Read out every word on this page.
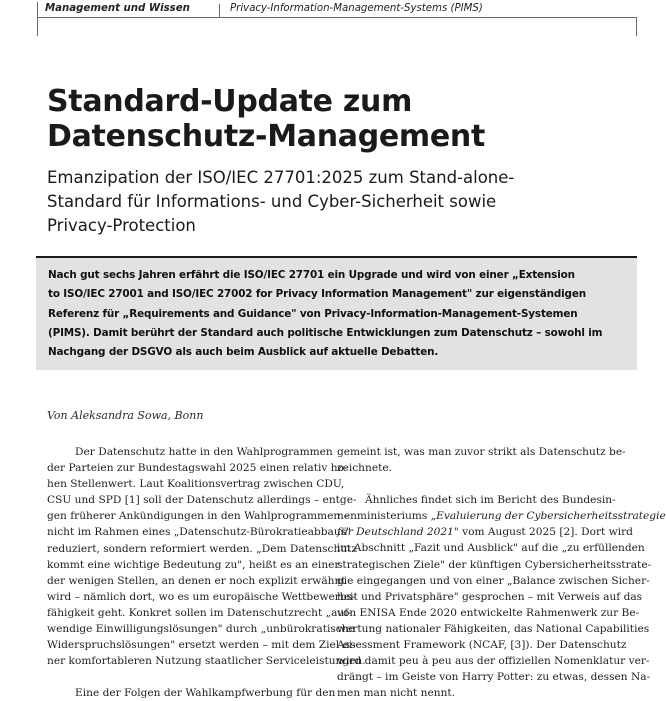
Management und Wissen	Privacy-Information-Management-Systems (PIMS)
Standard-Update zum
Datenschutz-Management
Emanzipation der ISO/IEC 27701:2025 zum Stand-alone-
Standard für Informations- und Cyber-Sicherheit sowie
Privacy-Protection

Nach gut sechs Jahren erfährt die ISO/IEC 27701 ein Upgrade und wird von einer „Extension
to ISO/IEC 27001 and ISO/IEC 27002 for Privacy Information Management" zur eigenständigen
Referenz für „Requirements and Guidance" von Privacy-Information-Management-Systemen
(PIMS). Damit berührt der Standard auch politische Entwicklungen zum Datenschutz – sowohl im
Nachgang der DSGVO als auch beim Ausblick auf aktuelle Debatten.

Von Aleksandra Sowa, Bonn
Der Datenschutz hatte in den Wahlprogrammen
der Parteien zur Bundestagswahl 2025 einen relativ ho-
hen Stellenwert. Laut Koalitionsvertrag zwischen CDU,
CSU und SPD [1] soll der Datenschutz allerdings – entge-
gen früherer Ankündigungen in den Wahlprogrammen –
nicht im Rahmen eines „Datenschutz-Bürokratieabbaus"
reduziert, sondern reformiert werden. „Dem Datenschutz
kommt eine wichtige Bedeutung zu", heißt es an einer
der wenigen Stellen, an denen er noch explizit erwähnt
wird – nämlich dort, wo es um europäische Wettbewerbs-
fähigkeit geht. Konkret sollen im Datenschutzrecht „auf-
wendige Einwilligungslösungen" durch „unbürokratische
Widerspruchslösungen" ersetzt werden – mit dem Ziel ei-
ner komfortableren Nutzung staatlicher Serviceleistungen.
Eine der Folgen der Wahlkampfwerbung für den
gemeint ist, was man zuvor strikt als Datenschutz be-
zeichnete.
Ähnliches findet sich im Bericht des Bundesin-
nenministeriums „Evaluierung der Cybersicherheitsstrategie
für Deutschland 2021" vom August 2025 [2]. Dort wird
im Abschnitt „Fazit und Ausblick" auf die „zu erfüllenden
strategischen Ziele" der künftigen Cybersicherheitsstrate-
gie eingegangen und von einer „Balance zwischen Sicher-
heit und Privatsphäre" gesprochen – mit Verweis auf das
von ENISA Ende 2020 entwickelte Rahmenwerk zur Be-
wertung nationaler Fähigkeiten, das National Capabilities
Assessment Framework (NCAF, [3]). Der Datenschutz
wird damit peu à peu aus der offiziellen Nomenklatur ver-
drängt – im Geiste von Harry Potter: zu etwas, dessen Na-
men man nicht nennt.
